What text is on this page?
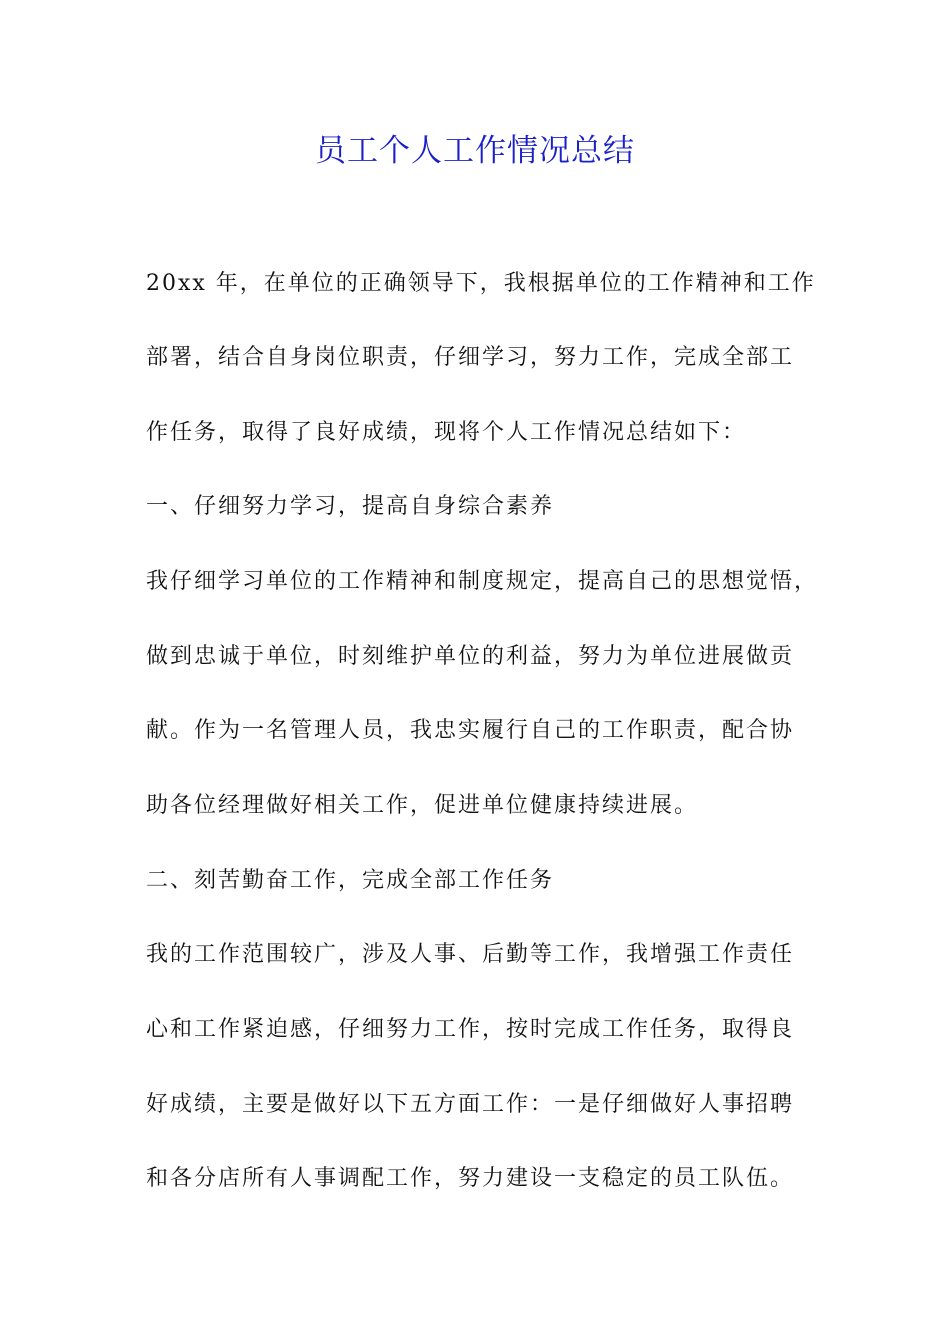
员工个人工作情况总结
20xx 年，在单位的正确领导下，我根据单位的工作精神和工作
部署，结合自身岗位职责，仔细学习，努力工作，完成全部工
作任务，取得了良好成绩，现将个人工作情况总结如下：
一、仔细努力学习，提高自身综合素养
我仔细学习单位的工作精神和制度规定，提高自己的思想觉悟，
做到忠诚于单位，时刻维护单位的利益，努力为单位进展做贡
献。作为一名管理人员，我忠实履行自己的工作职责，配合协
助各位经理做好相关工作，促进单位健康持续进展。
二、刻苦勤奋工作，完成全部工作任务
我的工作范围较广，涉及人事、后勤等工作，我增强工作责任
心和工作紧迫感，仔细努力工作，按时完成工作任务，取得良
好成绩，主要是做好以下五方面工作：一是仔细做好人事招聘
和各分店所有人事调配工作，努力建设一支稳定的员工队伍。
